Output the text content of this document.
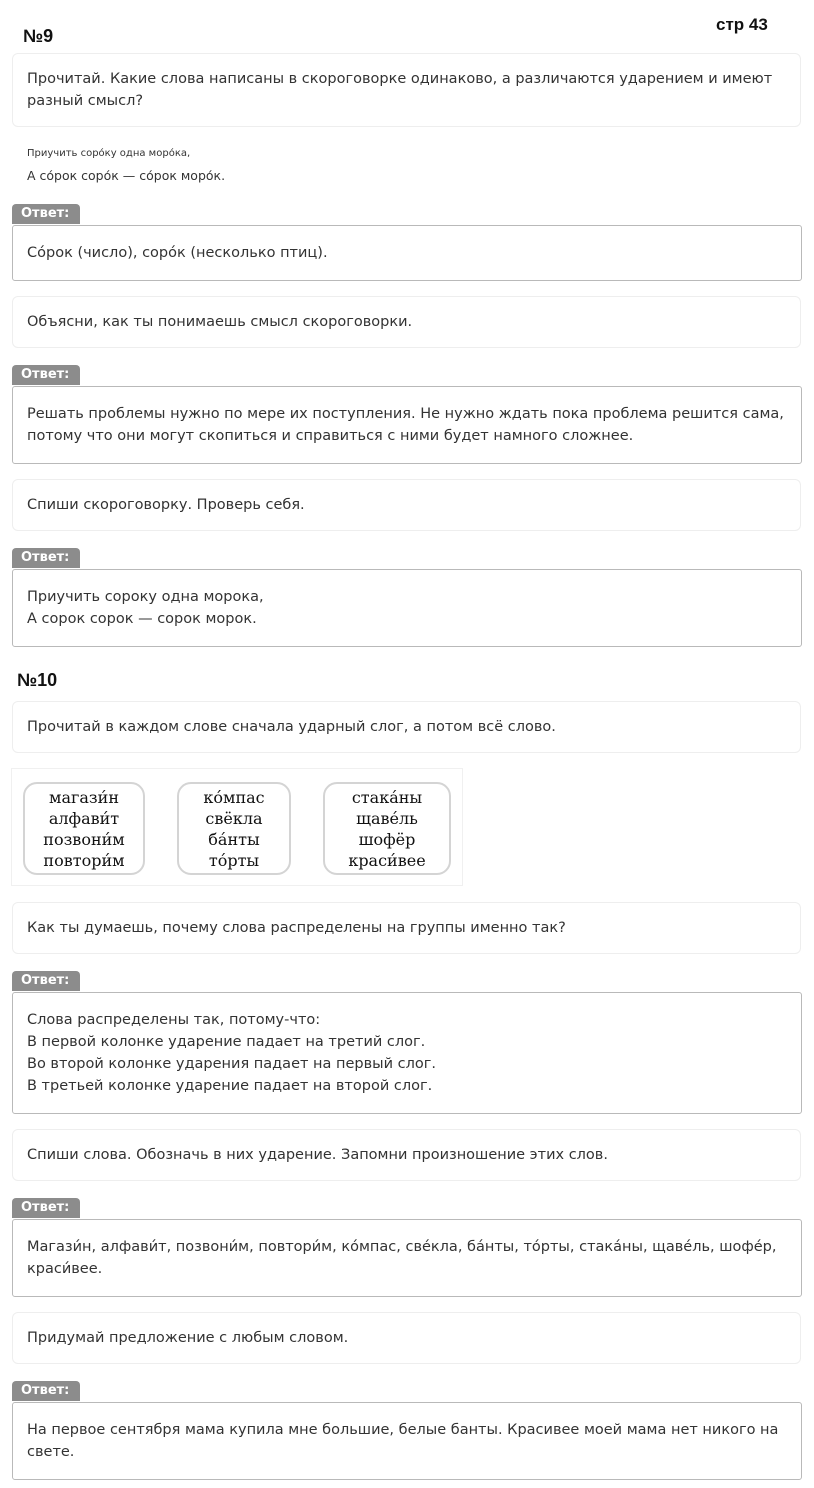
№9
стр 43
Прочитай. Какие слова написаны в скороговорке одинаково, а различаются ударением и имеют разный смысл?
Приучить соро́ку одна моро́ка,
А со́рок соро́к — со́рок моро́к.
Ответ:
Со́рок (число), соро́к (несколько птиц).
Объясни, как ты понимаешь смысл скороговорки.
Ответ:
Решать проблемы нужно по мере их поступления. Не нужно ждать пока проблема решится сама,
потому что они могут скопиться и справиться с ними будет намного сложнее.
Спиши скороговорку. Проверь себя.
Ответ:
Приучить сороку одна морока,
А сорок сорок — сорок морок.
№10
Прочитай в каждом слове сначала ударный слог, а потом всё слово.
магази́н
алфави́т
позвони́м
повтори́м
ко́мпас
свёкла
ба́нты
то́рты
стака́ны
щаве́ль
шофёр
краси́вее
Как ты думаешь, почему слова распределены на группы именно так?
Ответ:
Слова распределены так, потому-что:
В первой колонке ударение падает на третий слог.
Во второй колонке ударения падает на первый слог.
В третьей колонке ударение падает на второй слог.
Спиши слова. Обозначь в них ударение. Запомни произношение этих слов.
Ответ:
Магази́н, алфави́т, позвони́м, повтори́м, ко́мпас, све́кла, ба́нты, то́рты, стака́ны, щаве́ль, шофе́р,
краси́вее.
Придумай предложение с любым словом.
Ответ:
На первое сентября мама купила мне большие, белые банты. Красивее моей мама нет никого на
свете.
